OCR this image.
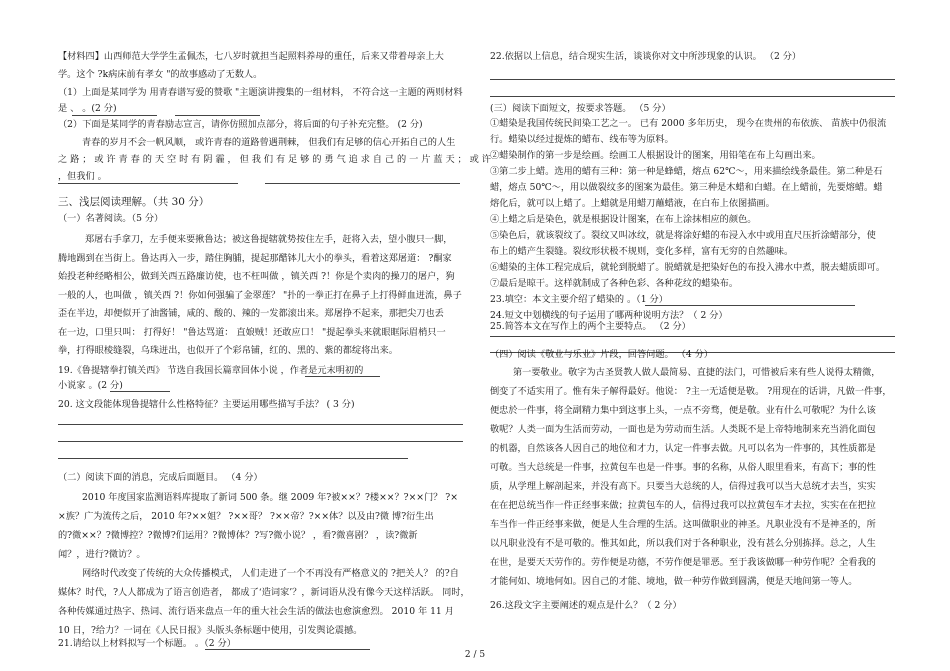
【材料四】山西师范大学学生孟佩杰，七八岁时就担当起照料养母的重任，后来又带着母亲上大
学。这个 ?k病床前有孝女 "的故事感动了无数人。
（1）上面是某同学为 用青春谱写爱的赞歌 "主题演讲搜集的一组材料， 不符合这一主题的两则材料
是 、 。(2 分)
（2）下面是某同学的青春励志宣言，请你仿照加点部分，将后面的句子补充完整。 (2 分)
青春的岁月不会一帆风顺， 或许青春的道路曾遇荆棘， 但我们有足够的信心开拓自己的人生
之 路 ； 或 许 青 春 的 天 空 时 有 阴 霾 ， 但 我 们 有 足 够 的 勇 气 追 求 自 己 的 一 片 蓝 天 ； 或 许
，但我们 。
三、浅层阅读理解。（共 30 分）
（一）名著阅读。（5 分）
郑屠右手拿刀，左手便来要揪鲁达；被这鲁提辖就势按住左手，赶将入去，望小腹只一脚，
腾地踢到在当街上。鲁达再入一步，踏住胸脯，提起那醋钵儿大小的拳头，看着这郑屠道： ?酮家
始投老种经略相公，做到关西五路廉访使，也不枉叫做 ，镇关西 ?！你是个卖肉的操刀的屠户，狗
一般的人，也叫做 ，镇关西 ?！你如何强骗了金翠莲？ "扑的一拳正打在鼻子上打得鲜血迸流，鼻子
歪在半边，却便似开了油酱铺，咸的、酸的、辣的一发都滚出来。郑屠挣不起来，那把尖刀也丢
在一边，口里只叫： 打得好！ "鲁达骂道： 直娘贼！还敢应口！ "提起拳头来就眼眶际眉梢只一
拳，打得眼棱缝裂，乌珠迸出，也似开了个彩帛铺，红的、黑的、紫的都绽将出来。
19.《鲁提辖拳打镇关西》 节选自我国长篇章回体小说 ，作者是元末明初的
小说家 。(2 分)
20. 这文段能体现鲁提辖什么性格特征？主要运用哪些描写手法？ ( 3 分)
（二）阅读下面的消息，完成后面题目。 （4 分）
2010 年度国家监测语料库提取了新词 500 条。继 2009 年?被××？?楼××？?××门？ ?×
×族？广为流传之后， 2010 年?××姐？ ?××哥？ ?××帝？?××体？以及由?微 博?衍生出
的?微××？?微博控？?微博?们运用？?微博体？?写?微小说？ ，看?微喜剧？ ，读?微新
闻？，进行?微访？。
网络时代改变了传统的大众传播模式， 人们走进了一个不再没有严格意义的 ?把关人？ 的?自
媒体？时代，?人人都成为了语言创造者， 都成了‘造词家’？，新词语从没有像今天这样活跃。 同时，
各种传媒通过热字、热词、流行语来盘点一年的重大社会生活的做法也愈演愈烈。 2010 年 11 月
10 日，?给力？一词在《人民日报》头版头条标题中使用，引发舆论震撼。
21.请给以上材料拟写一个标题。 。（2 分）
22.依据以上信息，结合现实生活，谈谈你对文中所涉现象的认识。 （2 分）
(三）阅读下面短文，按要求答题。 （5 分）
①蜡染是我国传统民间染工艺之一。 已有 2000 多年历史， 现今在贵州的布依族、 苗族中仍很流
行。蜡染以经过提炼的蜡布、线布等为原料。
②蜡染制作的第一步是绘画。绘画工人根据设计的图案，用铅笔在布上勾画出来。
③第二步上蜡。选用的蜡有三种：第一种是蜂蜡，熔点 62℃～，用来描绘线条最佳。第二种是石
蜡，熔点 50℃～，用以做裂纹多的图案为最佳。第三种是木蜡和白蜡。在上蜡前，先要熔蜡。蜡
熔化后，就可以上蜡了。上蜡就是用蜡刀蘸蜡液，在白布上依图描画。
④上蜡之后是染色，就是根据设计图案，在布上涂抹相应的颜色。
⑤染色后，就该裂纹了。裂纹又叫冰纹，就是将涂好蜡的布浸入水中或用直尺压折涂蜡部分，使
布上的蜡产生裂缝。裂纹形状极不规则，变化多样，富有无穷的自然趣味。
⑥蜡染的主体工程完成后，就轮到脱蜡了。脱蜡就是把染好色的布投入沸水中煮，脱去蜡质即可。
⑦最后是晾干。这样就制成了各种色彩、各种花纹的蜡染布。
23.填空：本文主要介绍了蜡染的 。（1 分）
24.短文中划横线的句子运用了哪两种说明方法？（ 2 分）
25.简答本文在写作上的两个主要特点。 （2 分）
（四）阅读《敬业与乐业》片段，回答问题。 （4 分）
第一要敬业。敬字为古圣贤教人做人最简易、直捷的法门，可惜被后来有些人说得太精微，
倒变了不适实用了。惟有朱子解得最好。他说： ?主一无适便是敬。 ?用现在的话讲，凡做一件事，
便忠於一件事，将全副精力集中到这事上头，一点不旁骛，便是敬。业有什么可敬呢？为什么该
敬呢？人类一面为生活而劳动，一面也是为劳动而生活。人类既不是上帝特地制来充当消化面包
的机器，自然该各人因自己的地位和才力，认定一件事去做。凡可以名为一件事的，其性质都是
可敬。当大总统是一件事，拉黄包车也是一件事。事的名称，从俗人眼里看来，有高下；事的性
质，从学理上解剖起来，并没有高下。只要当大总统的人，信得过我可以当大总统才去当，实实
在在把总统当作一件正经事来做；拉黄包车的人，信得过我可以拉黄包车才去拉，实实在在把拉
车当作一件正经事来做，便是人生合理的生活。这叫做职业的神圣。凡职业没有不是神圣的，所
以凡职业没有不是可敬的。惟其如此，所以我们对于各种职业，没有甚么分别拣择。总之，人生
在世，是要天天劳作的。劳作便是功德，不劳作便是罪恶。至于我该做哪一种劳作呢？全看我的
才能何如、境地何如。因自己的才能、境地，做一种劳作做到圆满，便是天地间第一等人。
26.这段文字主要阐述的观点是什么？（ 2 分）
2 / 5
